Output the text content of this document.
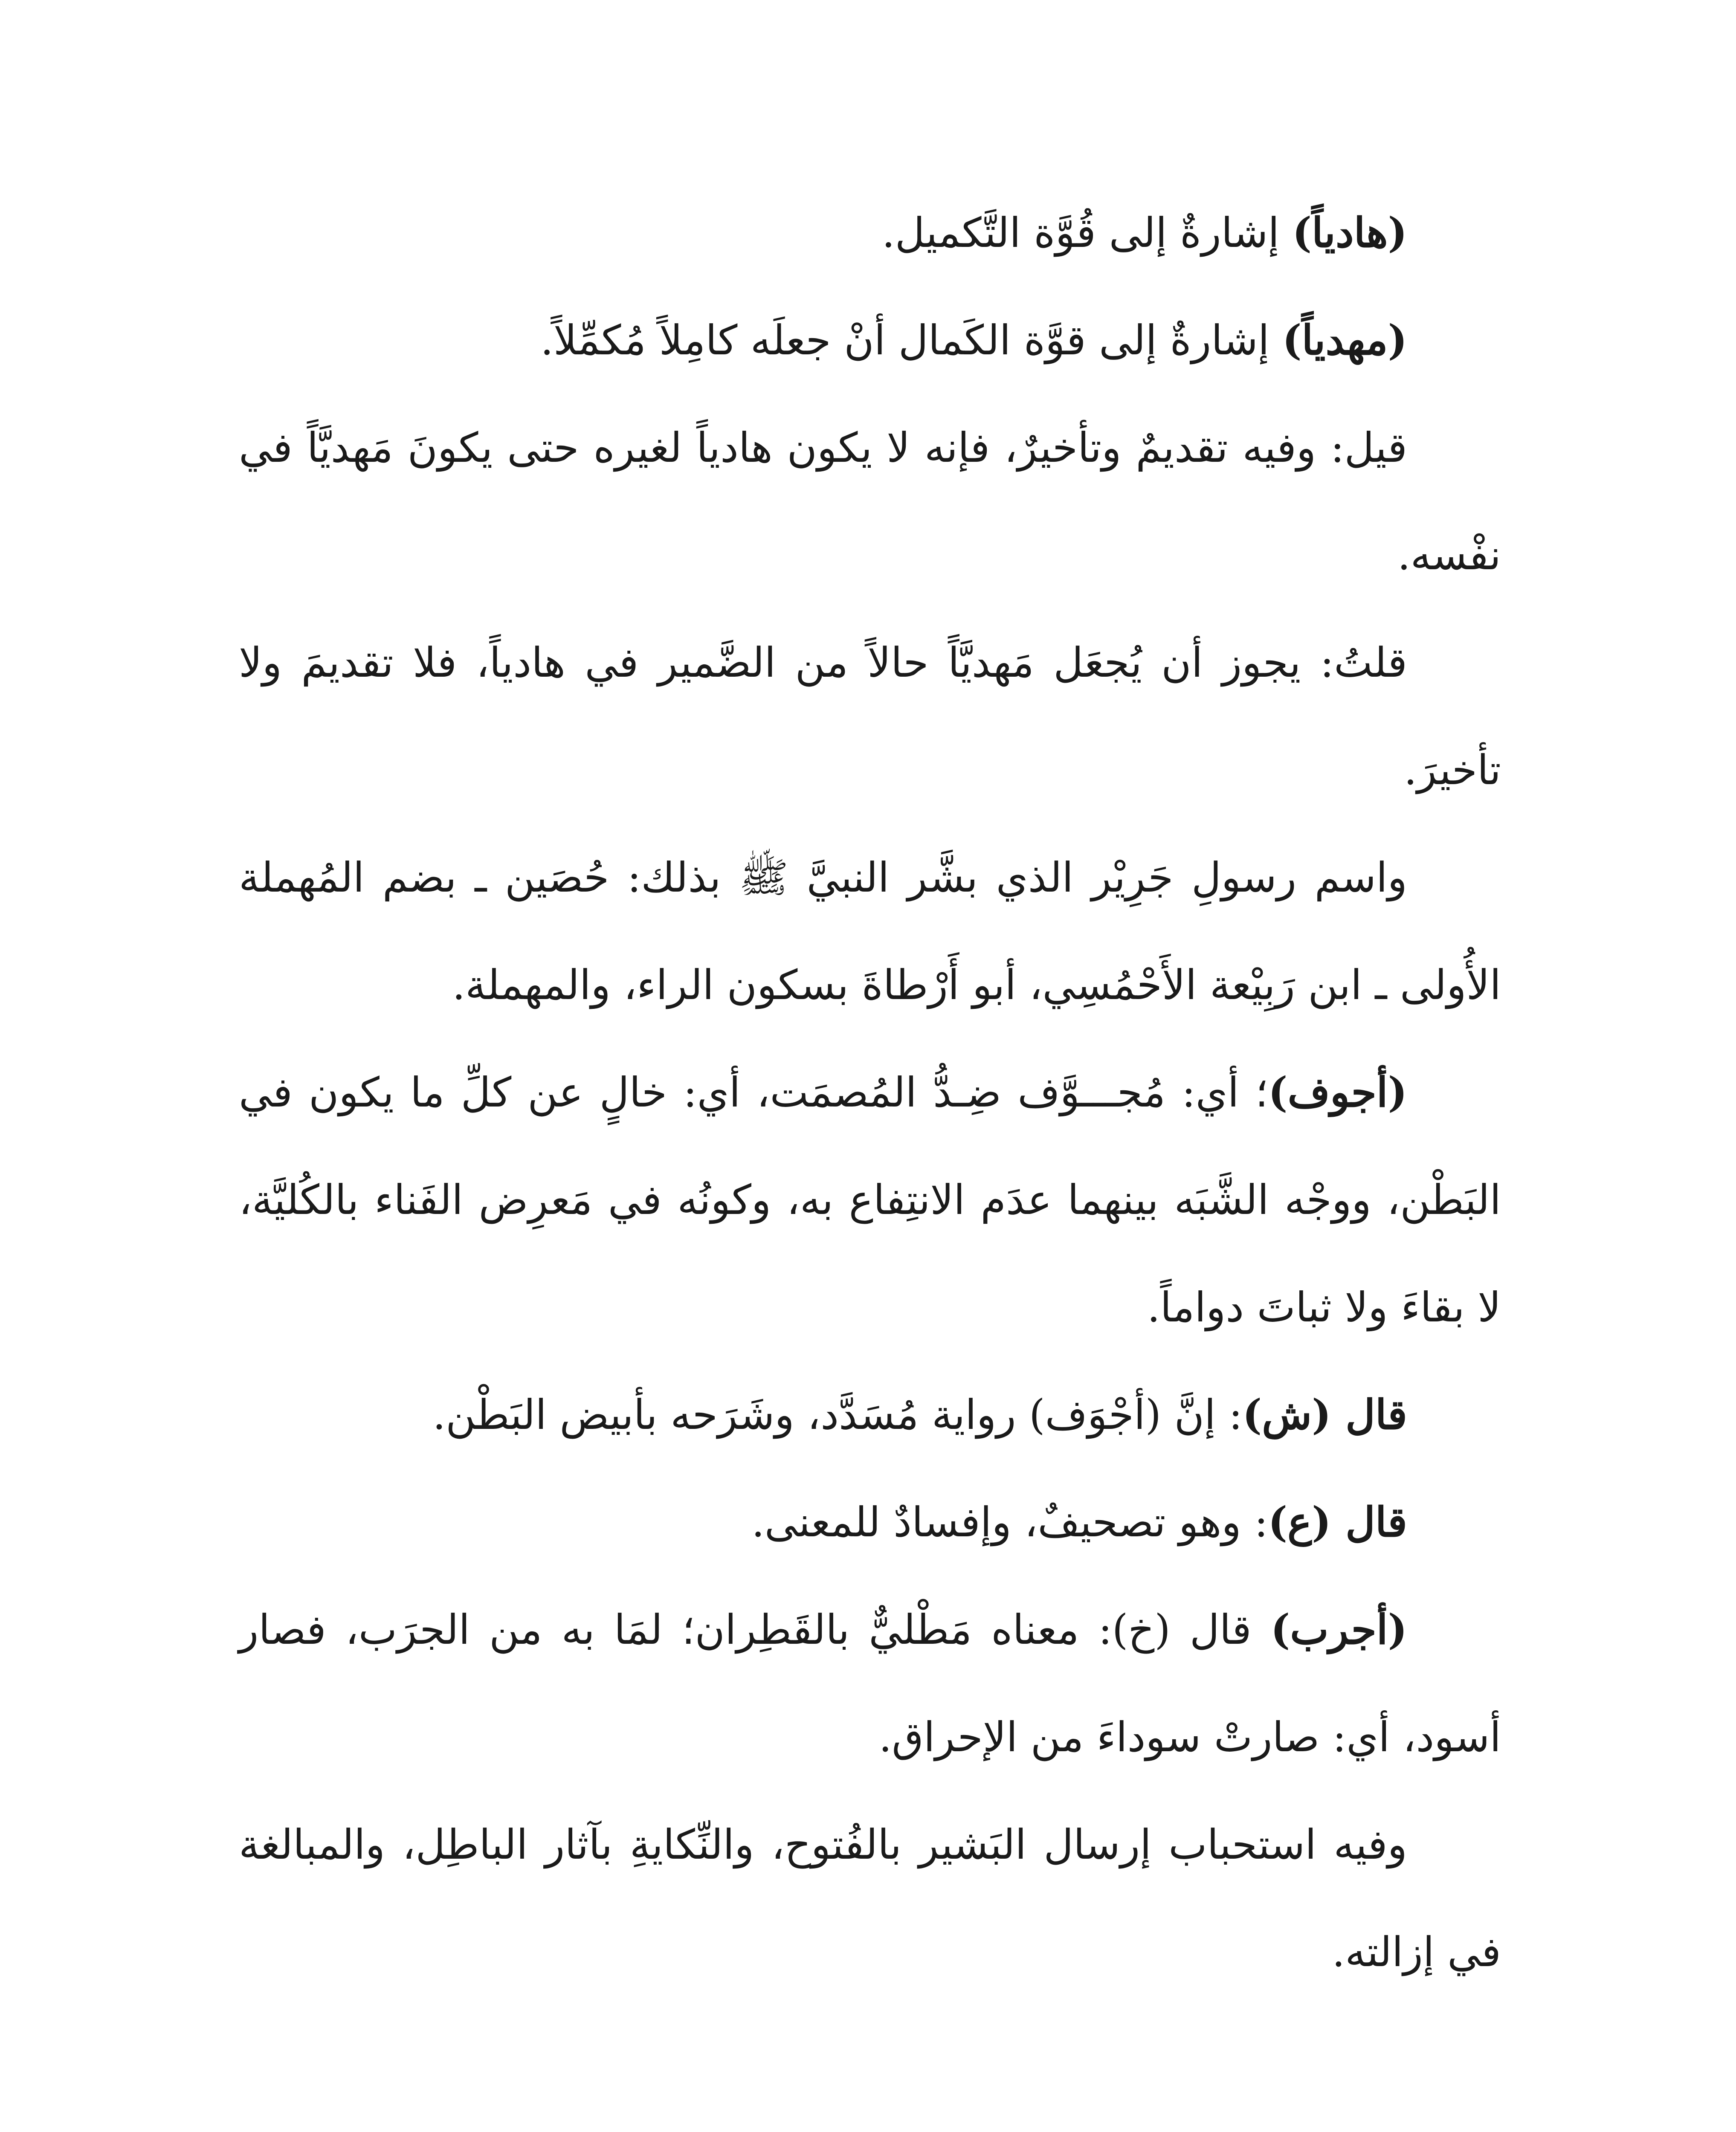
(هادياً) إشارةٌ إلى قُوَّة التَّكميل.

(مهدياً) إشارةٌ إلى قوَّة الكَمال أنْ جعلَه كامِلاً مُكمِّلاً.

قيل: وفيه تقديمٌ وتأخيرٌ، فإنه لا يكون هادياً لغيره حتى يكونَ مَهديَّاً في نفْسه.

قلتُ: يجوز أن يُجعَل مَهديَّاً حالاً من الضَّمير في هادياً، فلا تقديمَ ولا تأخيرَ.

واسم رسولِ جَرِيْر الذي بشَّر النبيَّ ﷺ بذلك: حُصَين ـ بضم المُهملة الأُولى ـ ابن رَبِيْعة الأَحْمُسِي، أبو أَرْطاةَ بسكون الراء، والمهملة.

(أجوف)؛ أي: مُجـــوَّف ضِـدُّ المُصمَت، أي: خالٍ عن كلِّ ما يكون في البَطْن، ووجْه الشَّبَه بينهما عدَم الانتِفاع به، وكونُه في مَعرِض الفَناء بالكُليَّة، لا بقاءَ ولا ثباتَ دواماً.

قال (ش): إنَّ (أجْوَف) رواية مُسَدَّد، وشَرَحه بأبيض البَطْن.

قال (ع): وهو تصحيفٌ، وإفسادٌ للمعنى.

(أجرب) قال (خ): معناه مَطْليٌّ بالقَطِران؛ لمَا به من الجرَب، فصار أسود، أي: صارتْ سوداءَ من الإحراق.

وفيه استحباب إرسال البَشير بالفُتوح، والنِّكايةِ بآثار الباطِل، والمبالغة في إزالته.
